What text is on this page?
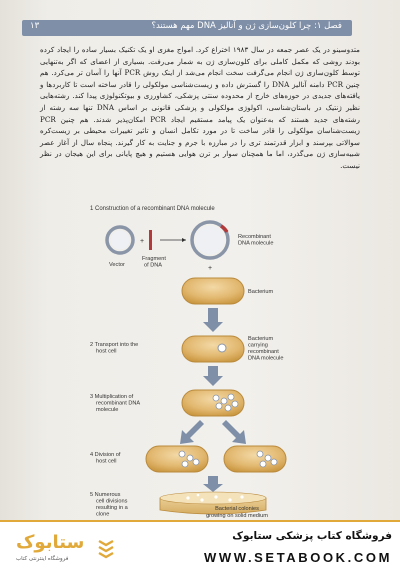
فصل ۱: چرا کلون‌سازی ژن و آنالیز DNA مهم هستند؟
۱۳
متدوسینو در یک عصر جمعه در سال ۱۹۸۳ اختراع کرد. امواج مغزی او یک تکنیک بسیار ساده را ایجاد کرده بودند روشی که مکمل کاملی برای کلون‌سازی ژن به شمار می‌رفت. بسیاری از اعضای که اگر به‌تنهایی توسط کلون‌سازی ژن انجام می‌گرفت سخت انجام می‌شد از اینک روش PCR آنها را آسان تر می‌کرد. هم چنین PCR دامنه آنالیز DNA را گسترش داده و زیست‌شناسی مولکولی را قادر ساخته است تا کاربردها و یافته‌های جدیدی در حوزه‌های خارج از محدوده سنتی پزشکی، کشاورزی و بیوتکنولوژی پیدا کند. رشته‌هایی نظیر ژنتیک در باستان‌شناسی، اکولوژی مولکولی و پزشکی قانونی بر اساس DNA تنها سه رشته از رشته‌های جدید هستند که به‌عنوان یک پیامد مستقیم ایجاد PCR امکان‌پذیر شدند. هم چنین PCR زیست‌شناسان مولکولی را قادر ساخت تا در مورد تکامل انسان و تاثیر تغییرات محیطی بر زیست‌کره سوالاتی بپرسند و ابزار قدرتمند تری را در مبارزه با جرم و جنایت به کار گیرند. پنجاه سال از آغاز عصر شبیه‌سازی ژن می‌گذرد، اما ما همچنان سوار بر ترن هوایی هستیم و هیچ پایانی برای این هیجان در نظر نیست.
1 Construction of a recombinant DNA molecule
Vector
+
Fragment of DNA
Recombinant DNA molecule
+
Bacterium
2 Transport into the host cell
Bacterium carrying recombinant DNA molecule
3 Multiplication of recombinant DNA molecule
4 Division of host cell
5 Numerous cell divisions resulting in a clone
Bacterial colonies
growing on solid medium
ستابوک
فروشگاه اینترنتی کتاب
فروشگاه کتاب پزشکی ستابوک
WWW.SETABOOK.COM
